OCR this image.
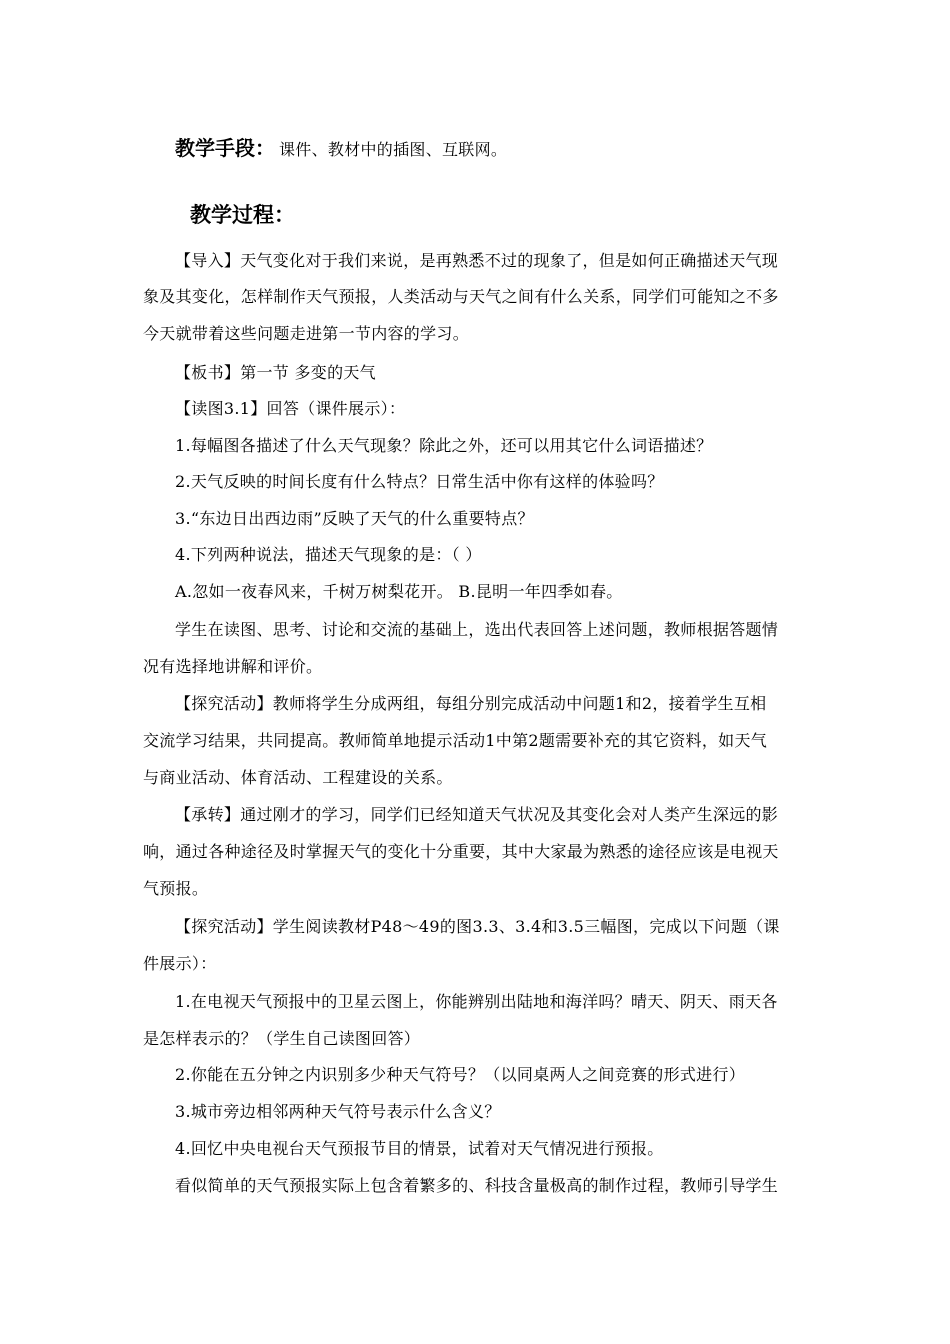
教学手段： 课件、教材中的插图、互联网。
教学过程：
【导入】天气变化对于我们来说，是再熟悉不过的现象了，但是如何正确描述天气现
象及其变化，怎样制作天气预报，人类活动与天气之间有什么关系，同学们可能知之不多
今天就带着这些问题走进第一节内容的学习。
【板书】第一节 多变的天气
【读图3.1】回答（课件展示）：
1.每幅图各描述了什么天气现象？除此之外，还可以用其它什么词语描述？
2.天气反映的时间长度有什么特点？日常生活中你有这样的体验吗？
3.“东边日出西边雨”反映了天气的什么重要特点？
4.下列两种说法，描述天气现象的是：（ ）
A.忽如一夜春风来，千树万树梨花开。 B.昆明一年四季如春。
学生在读图、思考、讨论和交流的基础上，选出代表回答上述问题，教师根据答题情
况有选择地讲解和评价。
【探究活动】教师将学生分成两组，每组分别完成活动中问题1和2，接着学生互相
交流学习结果，共同提高。教师简单地提示活动1中第2题需要补充的其它资料，如天气
与商业活动、体育活动、工程建设的关系。
【承转】通过刚才的学习，同学们已经知道天气状况及其变化会对人类产生深远的影
响，通过各种途径及时掌握天气的变化十分重要，其中大家最为熟悉的途径应该是电视天
气预报。
【探究活动】学生阅读教材P48～49的图3.3、3.4和3.5三幅图，完成以下问题（课
件展示）：
1.在电视天气预报中的卫星云图上，你能辨别出陆地和海洋吗？晴天、阴天、雨天各
是怎样表示的？（学生自己读图回答）
2.你能在五分钟之内识别多少种天气符号？（以同桌两人之间竞赛的形式进行）
3.城市旁边相邻两种天气符号表示什么含义？
4.回忆中央电视台天气预报节目的情景，试着对天气情况进行预报。
看似简单的天气预报实际上包含着繁多的、科技含量极高的制作过程，教师引导学生
